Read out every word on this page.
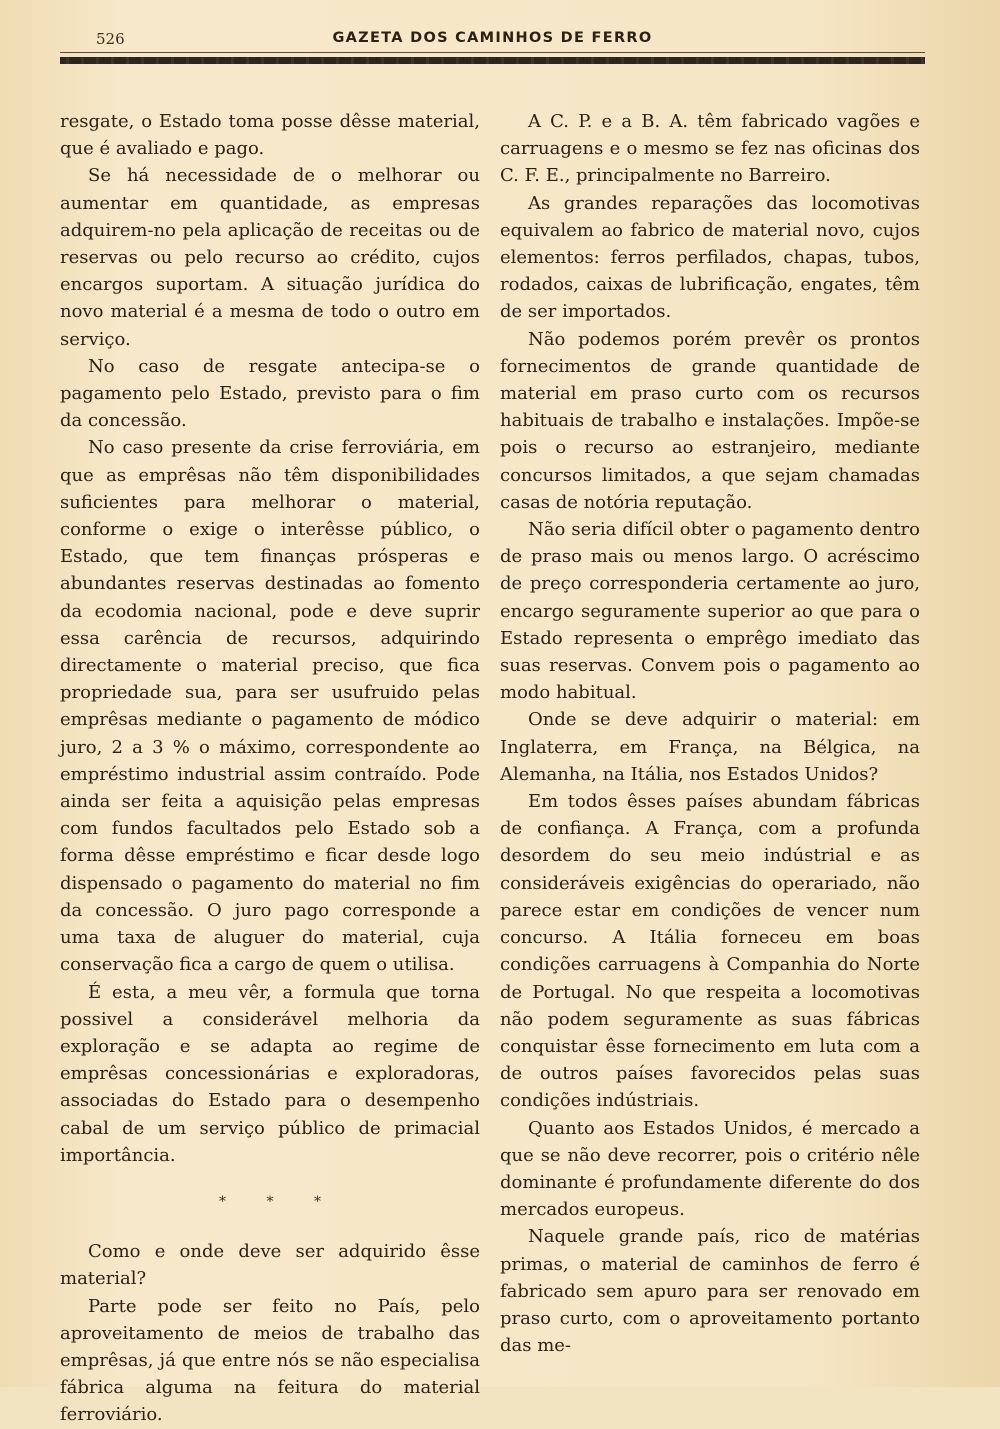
526	GAZETA DOS CAMINHOS DE FERRO

resgate, o Estado toma posse dêsse material, que é avaliado e pago.

Se há necessidade de o melhorar ou aumentar em quantidade, as empresas adquirem-no pela aplicação de receitas ou de reservas ou pelo recurso ao crédito, cujos encargos suportam. A situação jurídica do novo material é a mesma de todo o outro em serviço.

No caso de resgate antecipa-se o pagamento pelo Estado, previsto para o fim da concessão.

No caso presente da crise ferroviária, em que as emprêsas não têm disponibilidades suficientes para melhorar o material, conforme o exige o interêsse público, o Estado, que tem finanças prósperas e abundantes reservas destinadas ao fomento da ecodomia nacional, pode e deve suprir essa carência de recursos, adquirindo directamente o material preciso, que fica propriedade sua, para ser usufruido pelas emprêsas mediante o pagamento de módico juro, 2 a 3 % o máximo, correspondente ao empréstimo industrial assim contraído. Pode ainda ser feita a aquisição pelas empresas com fundos facultados pelo Estado sob a forma dêsse empréstimo e ficar desde logo dispensado o pagamento do material no fim da concessão. O juro pago corresponde a uma taxa de aluguer do material, cuja conservação fica a cargo de quem o utilisa.

É esta, a meu vêr, a formula que torna possivel a considerável melhoria da exploração e se adapta ao regime de emprêsas concessionárias e exploradoras, associadas do Estado para o desempenho cabal de um serviço público de primacial importância.

* * *

Como e onde deve ser adquirido êsse material?

Parte pode ser feito no País, pelo aproveitamento de meios de trabalho das emprêsas, já que entre nós se não especialisa fábrica alguma na feitura do material ferroviário.

A C. P. e a B. A. têm fabricado vagões e carruagens e o mesmo se fez nas oficinas dos C. F. E., principalmente no Barreiro.

As grandes reparações das locomotivas equivalem ao fabrico de material novo, cujos elementos: ferros perfilados, chapas, tubos, rodados, caixas de lubrificação, engates, têm de ser importados.

Não podemos porém prevêr os prontos fornecimentos de grande quantidade de material em praso curto com os recursos habituais de trabalho e instalações. Impõe-se pois o recurso ao estranjeiro, mediante concursos limitados, a que sejam chamadas casas de notória reputação.

Não seria difícil obter o pagamento dentro de praso mais ou menos largo. O acréscimo de preço corresponderia certamente ao juro, encargo seguramente superior ao que para o Estado representa o emprêgo imediato das suas reservas. Convem pois o pagamento ao modo habitual.

Onde se deve adquirir o material: em Inglaterra, em França, na Bélgica, na Alemanha, na Itália, nos Estados Unidos?

Em todos êsses países abundam fábricas de confiança. A França, com a profunda desordem do seu meio indústrial e as consideráveis exigências do operariado, não parece estar em condições de vencer num concurso. A Itália forneceu em boas condições carruagens à Companhia do Norte de Portugal. No que respeita a locomotivas não podem seguramente as suas fábricas conquistar êsse fornecimento em luta com a de outros países favorecidos pelas suas condições indústriais.

Quanto aos Estados Unidos, é mercado a que se não deve recorrer, pois o critério nêle dominante é profundamente diferente do dos mercados europeus.

Naquele grande país, rico de matérias primas, o material de caminhos de ferro é fabricado sem apuro para ser renovado em praso curto, com o aproveitamento portanto das me-
